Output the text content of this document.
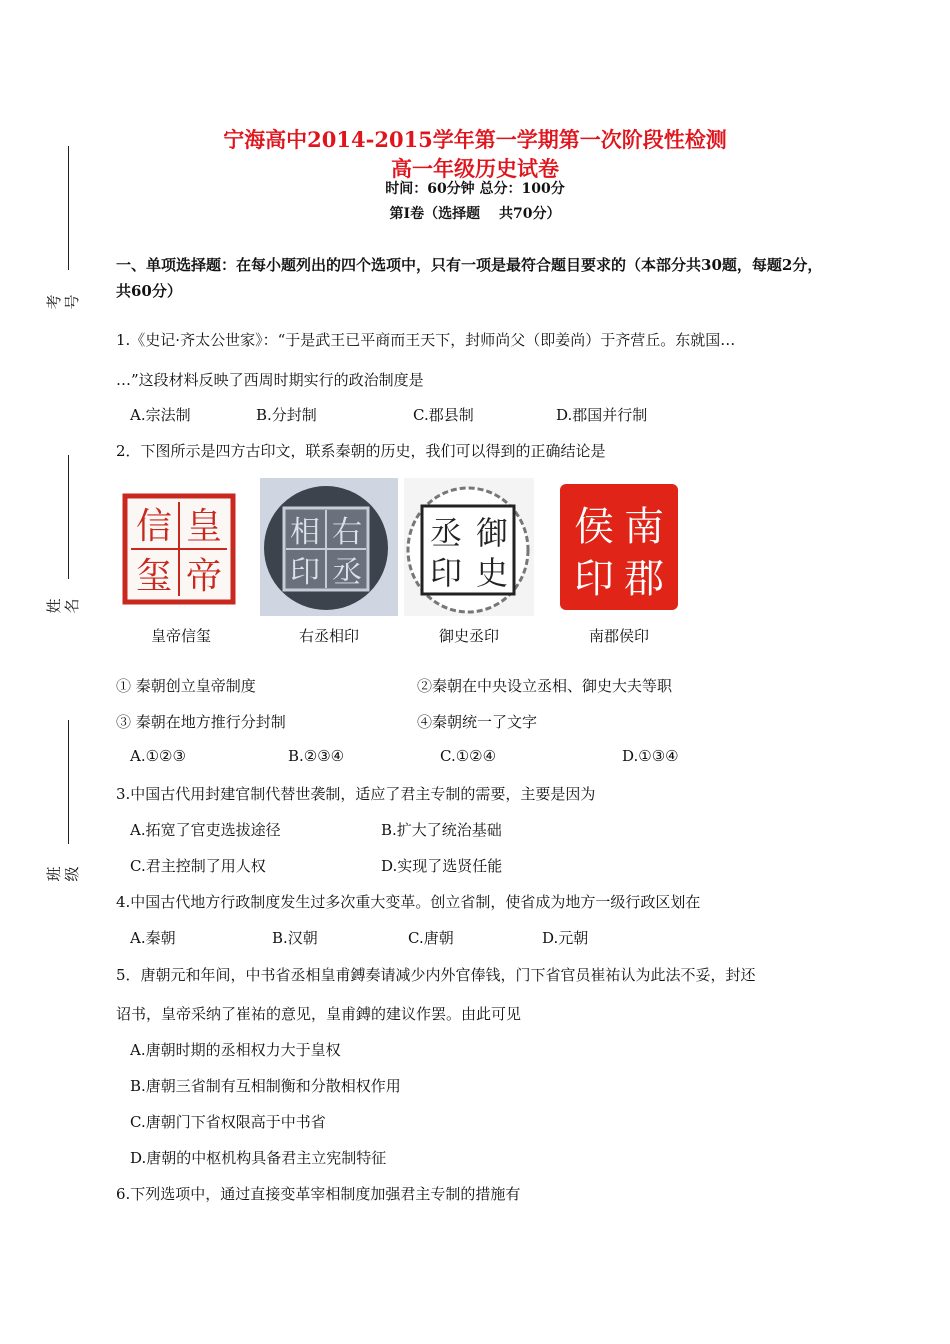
考号
姓名
班级
宁海高中2014-2015学年第一学期第一次阶段性检测
高一年级历史试卷
时间：60分钟 总分：100分
第Ⅰ卷（选择题　 共70分）
一、单项选择题：在每小题列出的四个选项中，只有一项是最符合题目要求的（本部分共30题，每题2分，共60分）
1.《史记·齐太公世家》：“于是武王已平商而王天下，封师尚父（即姜尚）于齐营丘。东就国…
…”这段材料反映了西周时期实行的政治制度是
A.宗法制	B.分封制	C.郡县制	D.郡国并行制
2．下图所示是四方古印文，联系秦朝的历史，我们可以得到的正确结论是
皇
帝
信
玺
右
丞
相
印
御
史
丞
印
南
郡
侯
印
皇帝信玺	右丞相印	御史丞印	南郡侯印
① 秦朝创立皇帝制度	②秦朝在中央设立丞相、御史大夫等职
③ 秦朝在地方推行分封制	④秦朝统一了文字
A.①②③	B.②③④	C.①②④	D.①③④
3.中国古代用封建官制代替世袭制，适应了君主专制的需要，主要是因为
A.拓宽了官吏选拔途径	B.扩大了统治基础
C.君主控制了用人权	D.实现了选贤任能
4.中国古代地方行政制度发生过多次重大变革。创立省制，使省成为地方一级行政区划在
A.秦朝	B.汉朝	C.唐朝	D.元朝
5．唐朝元和年间，中书省丞相皇甫鎛奏请减少内外官俸钱，门下省官员崔祐认为此法不妥，封还
诏书，皇帝采纳了崔祐的意见，皇甫鎛的建议作罢。由此可见
A.唐朝时期的丞相权力大于皇权
B.唐朝三省制有互相制衡和分散相权作用
C.唐朝门下省权限高于中书省
D.唐朝的中枢机构具备君主立宪制特征
6.下列选项中，通过直接变革宰相制度加强君主专制的措施有
